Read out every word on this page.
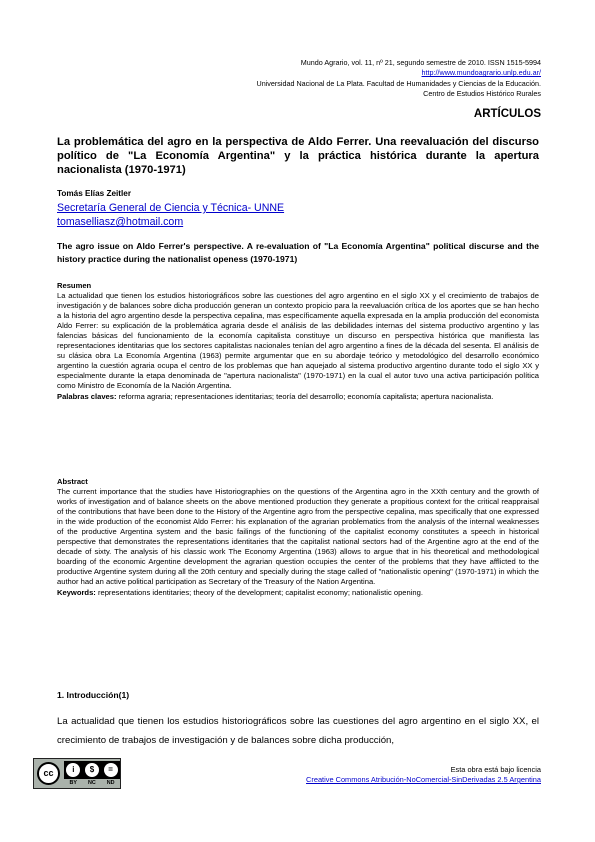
Mundo Agrario, vol. 11, nº 21, segundo semestre de 2010. ISSN 1515-5994
http://www.mundoagrario.unlp.edu.ar/
Universidad Nacional de La Plata. Facultad de Humanidades y Ciencias de la Educación.
Centro de Estudios Histórico Rurales
ARTÍCULOS
La problemática del agro en la perspectiva de Aldo Ferrer. Una reevaluación del discurso político de "La Economía Argentina" y la práctica histórica durante la apertura nacionalista (1970-1971)
Tomás Elías Zeitler
Secretaría General de Ciencia y Técnica- UNNE
tomaselliasz@hotmail.com
The agro issue on Aldo Ferrer's perspective. A re-evaluation of "La Economía Argentina" political discurse and the history practice during the nationalist openess (1970-1971)
Resumen
La actualidad que tienen los estudios historiográficos sobre las cuestiones del agro argentino en el siglo XX y el crecimiento de trabajos de investigación y de balances sobre dicha producción generan un contexto propicio para la reevaluación crítica de los aportes que se han hecho a la historia del agro argentino desde la perspectiva cepalina, mas específicamente aquella expresada en la amplia producción del economista Aldo Ferrer: su explicación de la problemática agraria desde el análisis de las debilidades internas del sistema productivo argentino y las falencias básicas del funcionamiento de la economía capitalista constituye un discurso en perspectiva histórica que manifiesta las representaciones identitarias que los sectores capitalistas nacionales tenían del agro argentino a fines de la década del sesenta. El análisis de su clásica obra La Economía Argentina (1963) permite argumentar que en su abordaje teórico y metodológico del desarrollo económico argentino la cuestión agraria ocupa el centro de los problemas que han aquejado al sistema productivo argentino durante todo el siglo XX y especialmente durante la etapa denominada de "apertura nacionalista" (1970-1971) en la cual el autor tuvo una activa participación política como Ministro de Economía de la Nación Argentina.
Palabras claves: reforma agraria; representaciones identitarias; teoría del desarrollo; economía capitalista; apertura nacionalista.
Abstract
The current importance that the studies have Historiographies on the questions of the Argentina agro in the XXth century and the growth of works of investigation and of balance sheets on the above mentioned production they generate a propitious context for the critical reappraisal of the contributions that have been done to the History of the Argentine agro from the perspective cepalina, mas specifically that one expressed in the wide production of the economist Aldo Ferrer: his explanation of the agrarian problematics from the analysis of the internal weaknesses of the productive Argentina system and the basic failings of the functioning of the capitalist economy constitutes a speech in historical perspective that demonstrates the representations identitaries that the capitalist national sectors had of the Argentine agro at the end of the decade of sixty. The analysis of his classic work The Economy Argentina (1963) allows to argue that in his theoretical and methodological boarding of the economic Argentine development the agrarian question occupies the center of the problems that they have afflicted to the productive Argentine system during all the 20th century and specially during the stage called of "nationalistic opening" (1970-1971) in which the author had an active political participation as Secretary of the Treasury of the Nation Argentina.
Keywords: representations identitaries; theory of the development; capitalist economy; nationalistic opening.
1. Introducción(1)
La actualidad que tienen los estudios historiográficos sobre las cuestiones del agro argentino en el siglo XX, el crecimiento de trabajos de investigación y de balances sobre dicha producción,
cc	i	$	=
BY NC ND
Esta obra está bajo licencia
Creative Commons Atribución-NoComercial-SinDerivadas 2.5 Argentina
